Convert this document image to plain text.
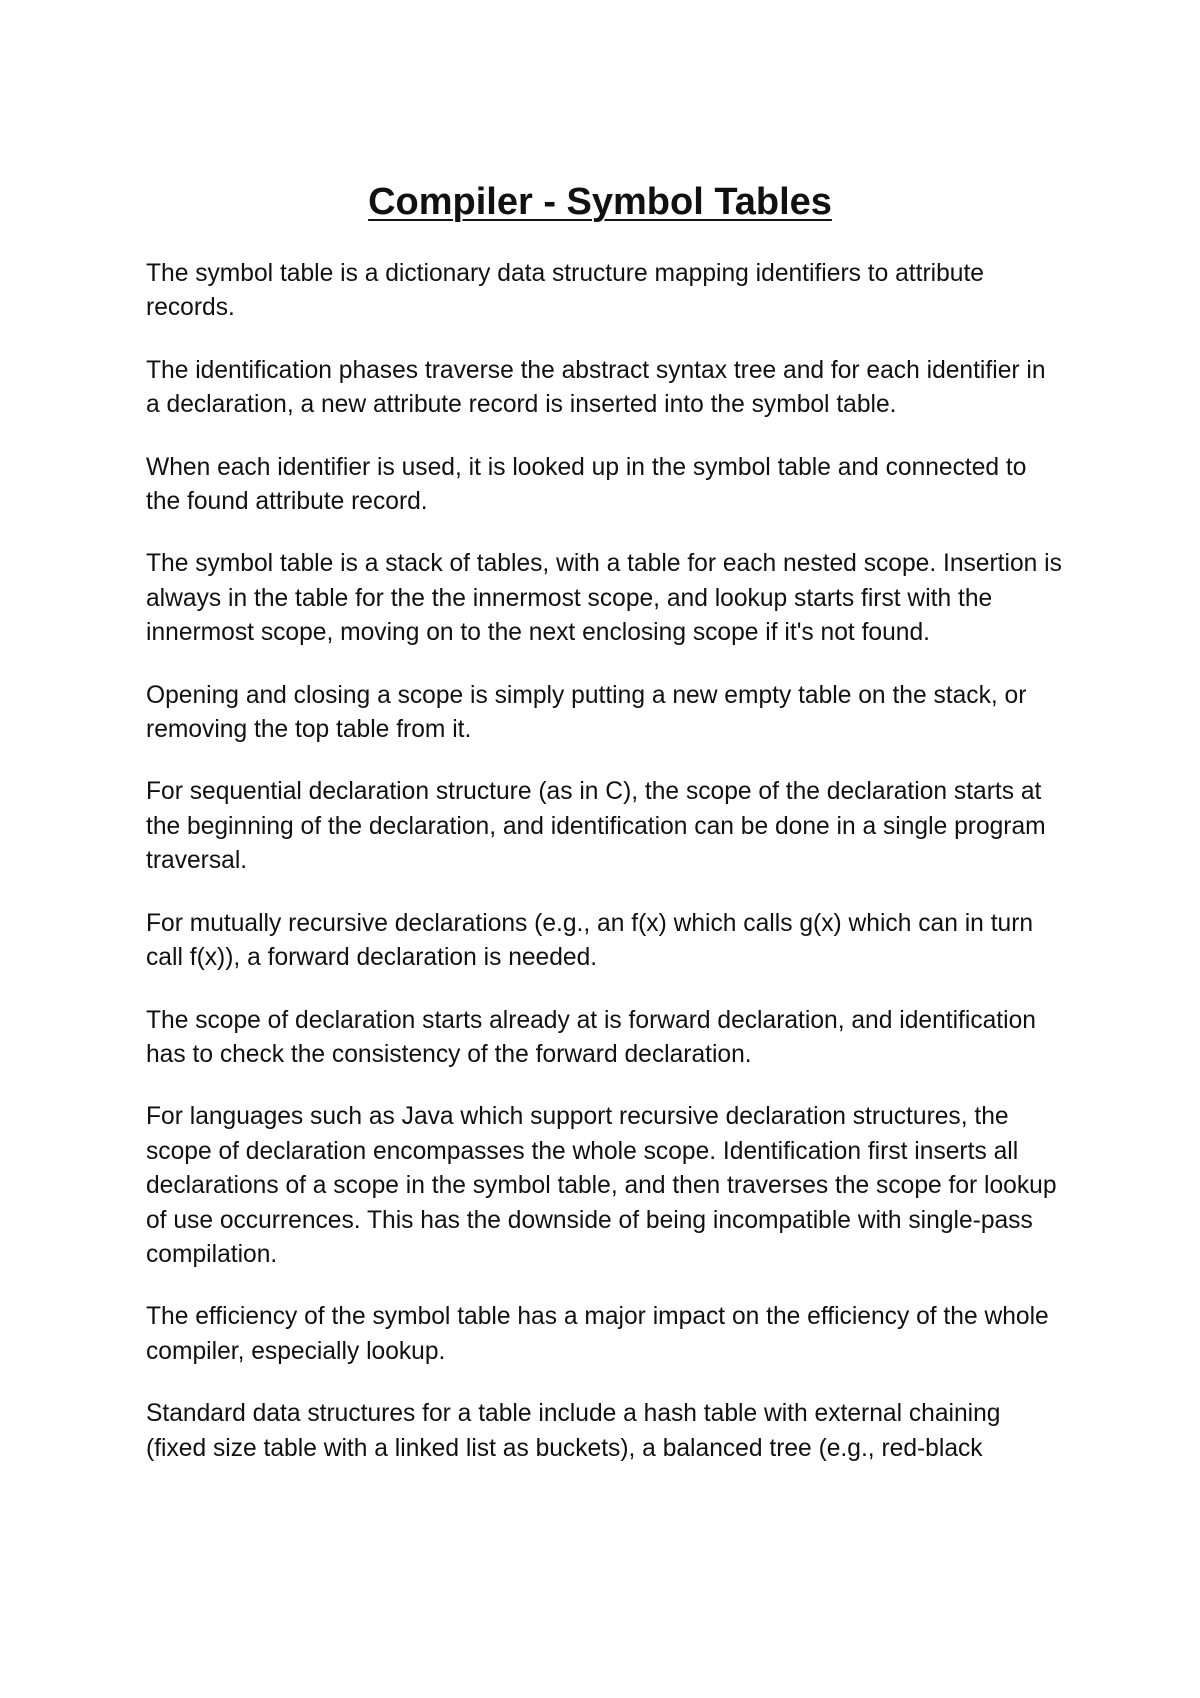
Compiler - Symbol Tables

The symbol table is a dictionary data structure mapping identifiers to attribute records.

The identification phases traverse the abstract syntax tree and for each identifier in a declaration, a new attribute record is inserted into the symbol table.

When each identifier is used, it is looked up in the symbol table and connected to the found attribute record.

The symbol table is a stack of tables, with a table for each nested scope. Insertion is always in the table for the the innermost scope, and lookup starts first with the innermost scope, moving on to the next enclosing scope if it's not found.

Opening and closing a scope is simply putting a new empty table on the stack, or removing the top table from it.

For sequential declaration structure (as in C), the scope of the declaration starts at the beginning of the declaration, and identification can be done in a single program traversal.

For mutually recursive declarations (e.g., an f(x) which calls g(x) which can in turn call f(x)), a forward declaration is needed.

The scope of declaration starts already at is forward declaration, and identification has to check the consistency of the forward declaration.

For languages such as Java which support recursive declaration structures, the scope of declaration encompasses the whole scope. Identification first inserts all declarations of a scope in the symbol table, and then traverses the scope for lookup of use occurrences. This has the downside of being incompatible with single-pass compilation.

The efficiency of the symbol table has a major impact on the efficiency of the whole compiler, especially lookup.

Standard data structures for a table include a hash table with external chaining (fixed size table with a linked list as buckets), a balanced tree (e.g., red-black
